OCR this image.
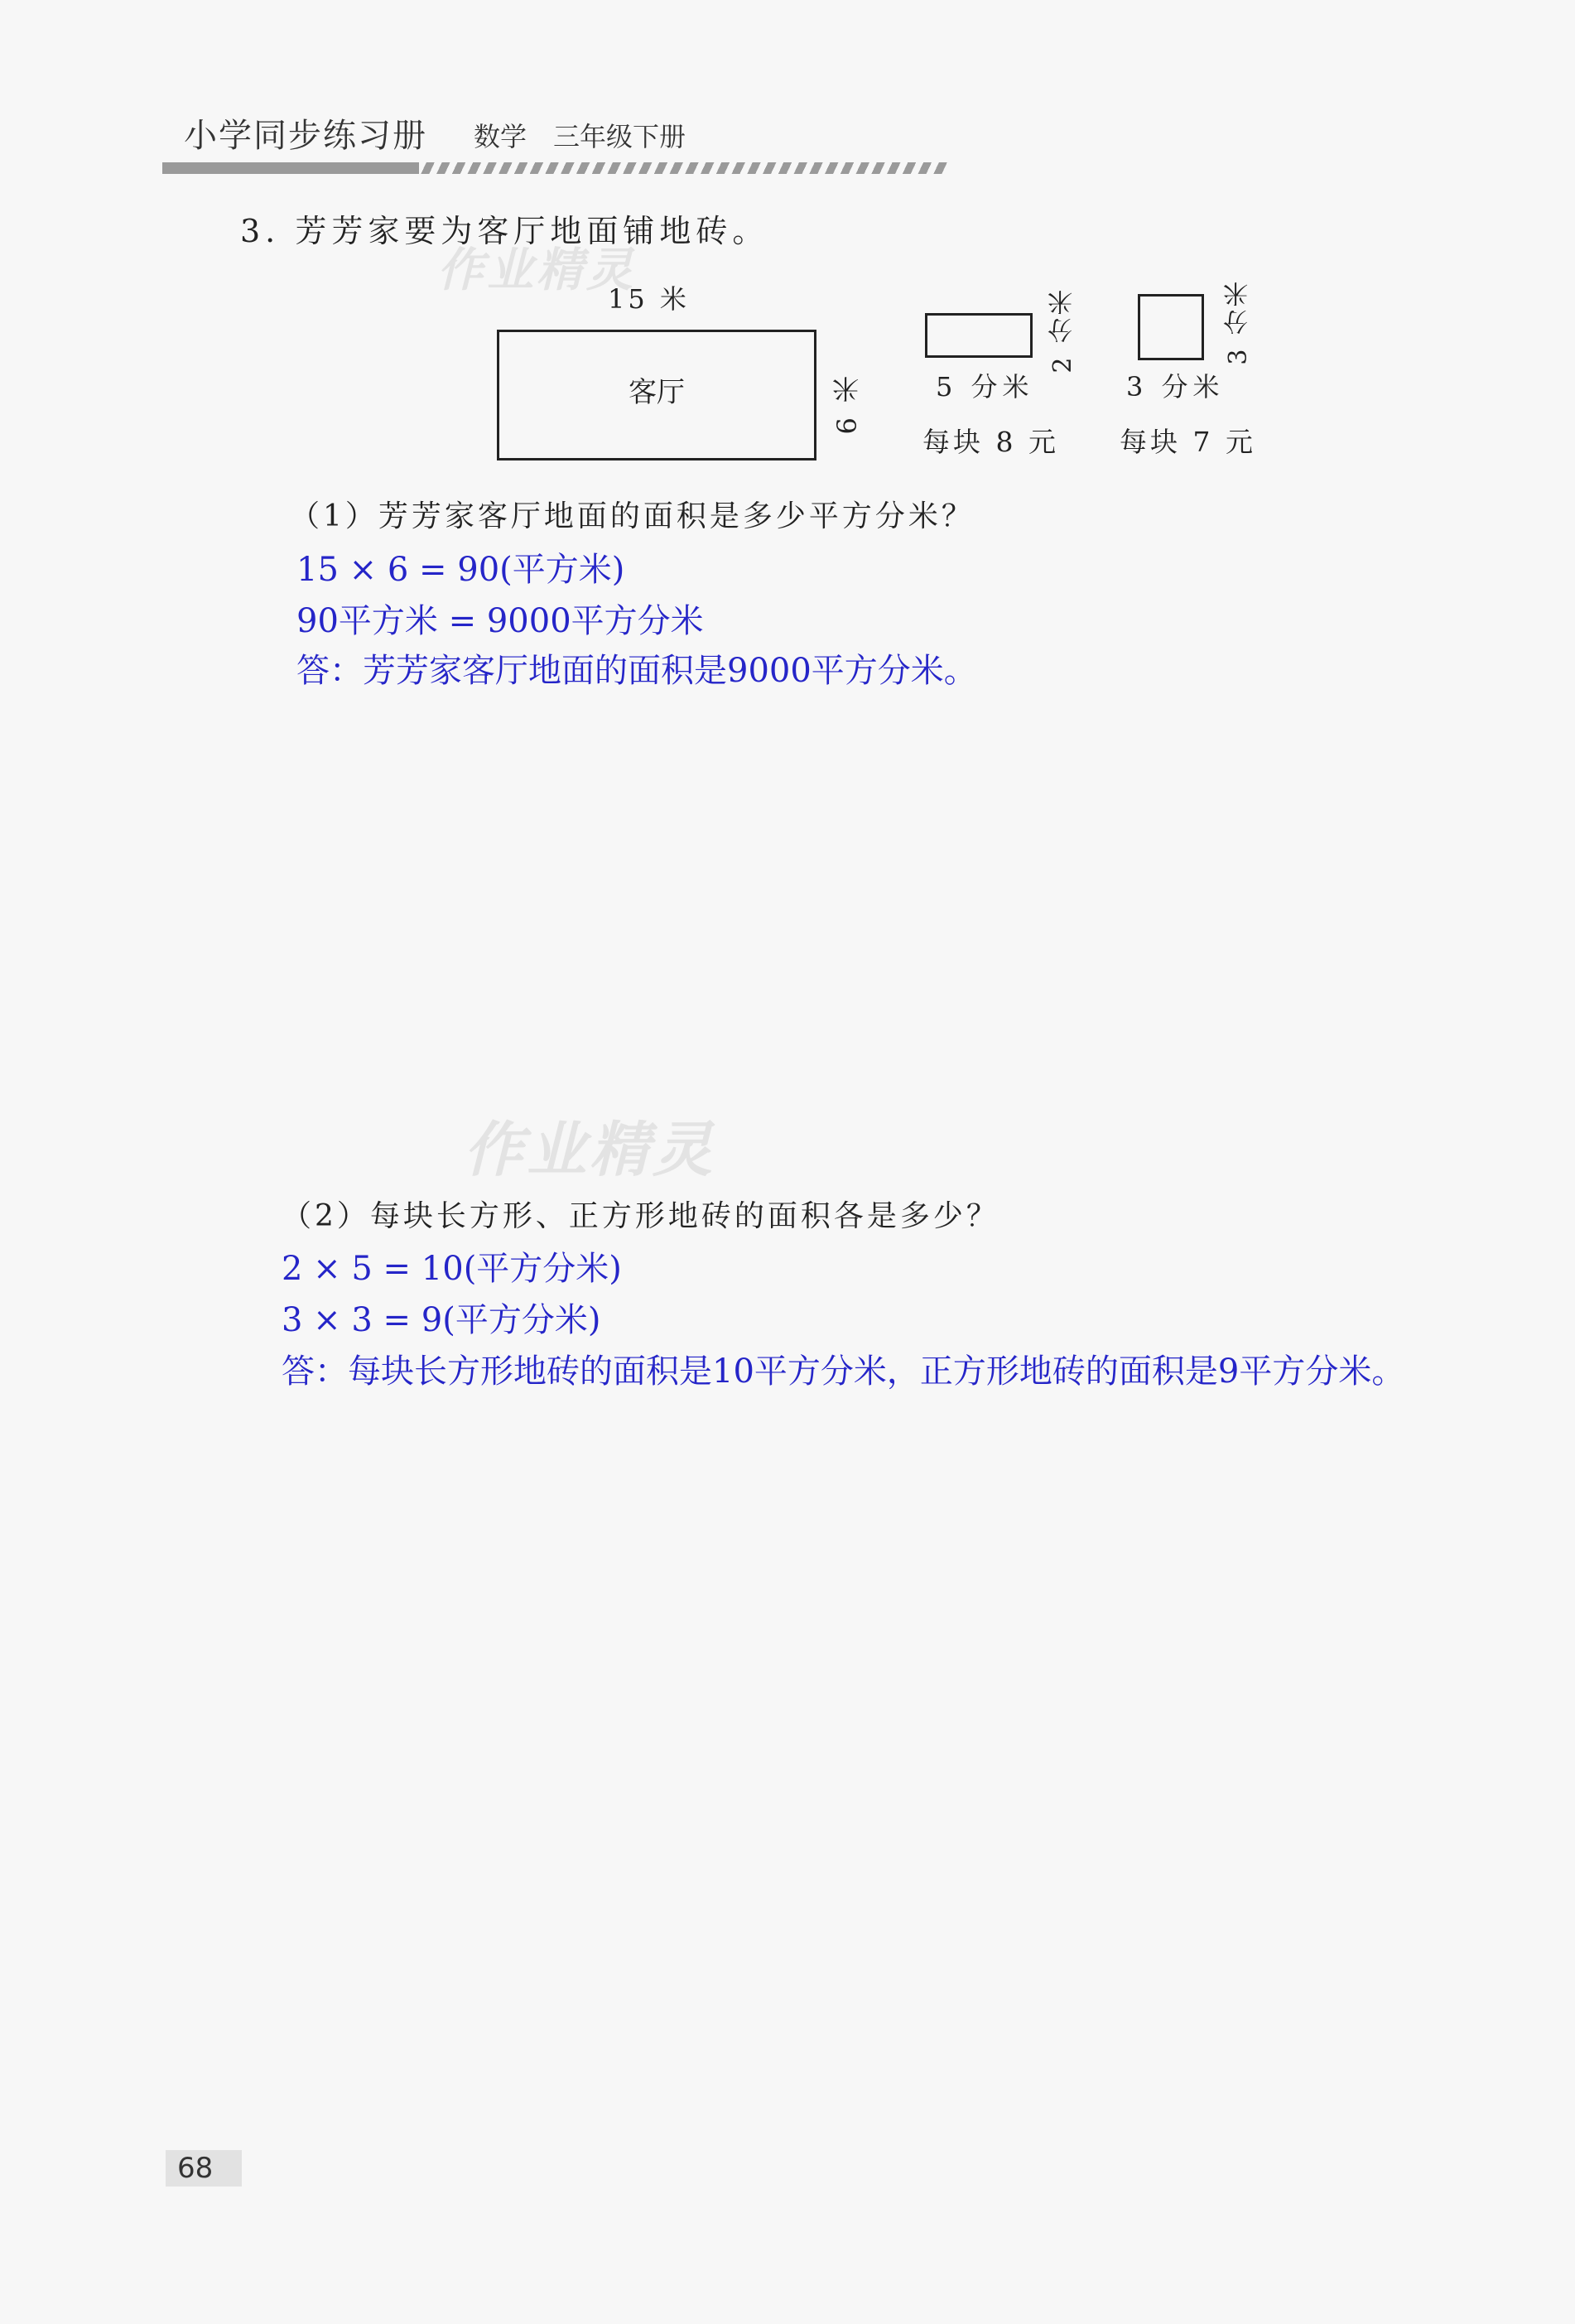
小学同步练习册 数学 三年级下册
作业精灵
作业精灵
3. 芳芳家要为客厅地面铺地砖。
15 米
客厅	6 米
2 分米
5 分米
每块 8 元
3 分米
3 分米
每块 7 元
（1）芳芳家客厅地面的面积是多少平方分米？
15 × 6 = 90(平方米)
90平方米 = 9000平方分米
答：芳芳家客厅地面的面积是9000平方分米。
（2）每块长方形、正方形地砖的面积各是多少？
2 × 5 = 10(平方分米)
3 × 3 = 9(平方分米)
答：每块长方形地砖的面积是10平方分米，正方形地砖的面积是9平方分米。
68
